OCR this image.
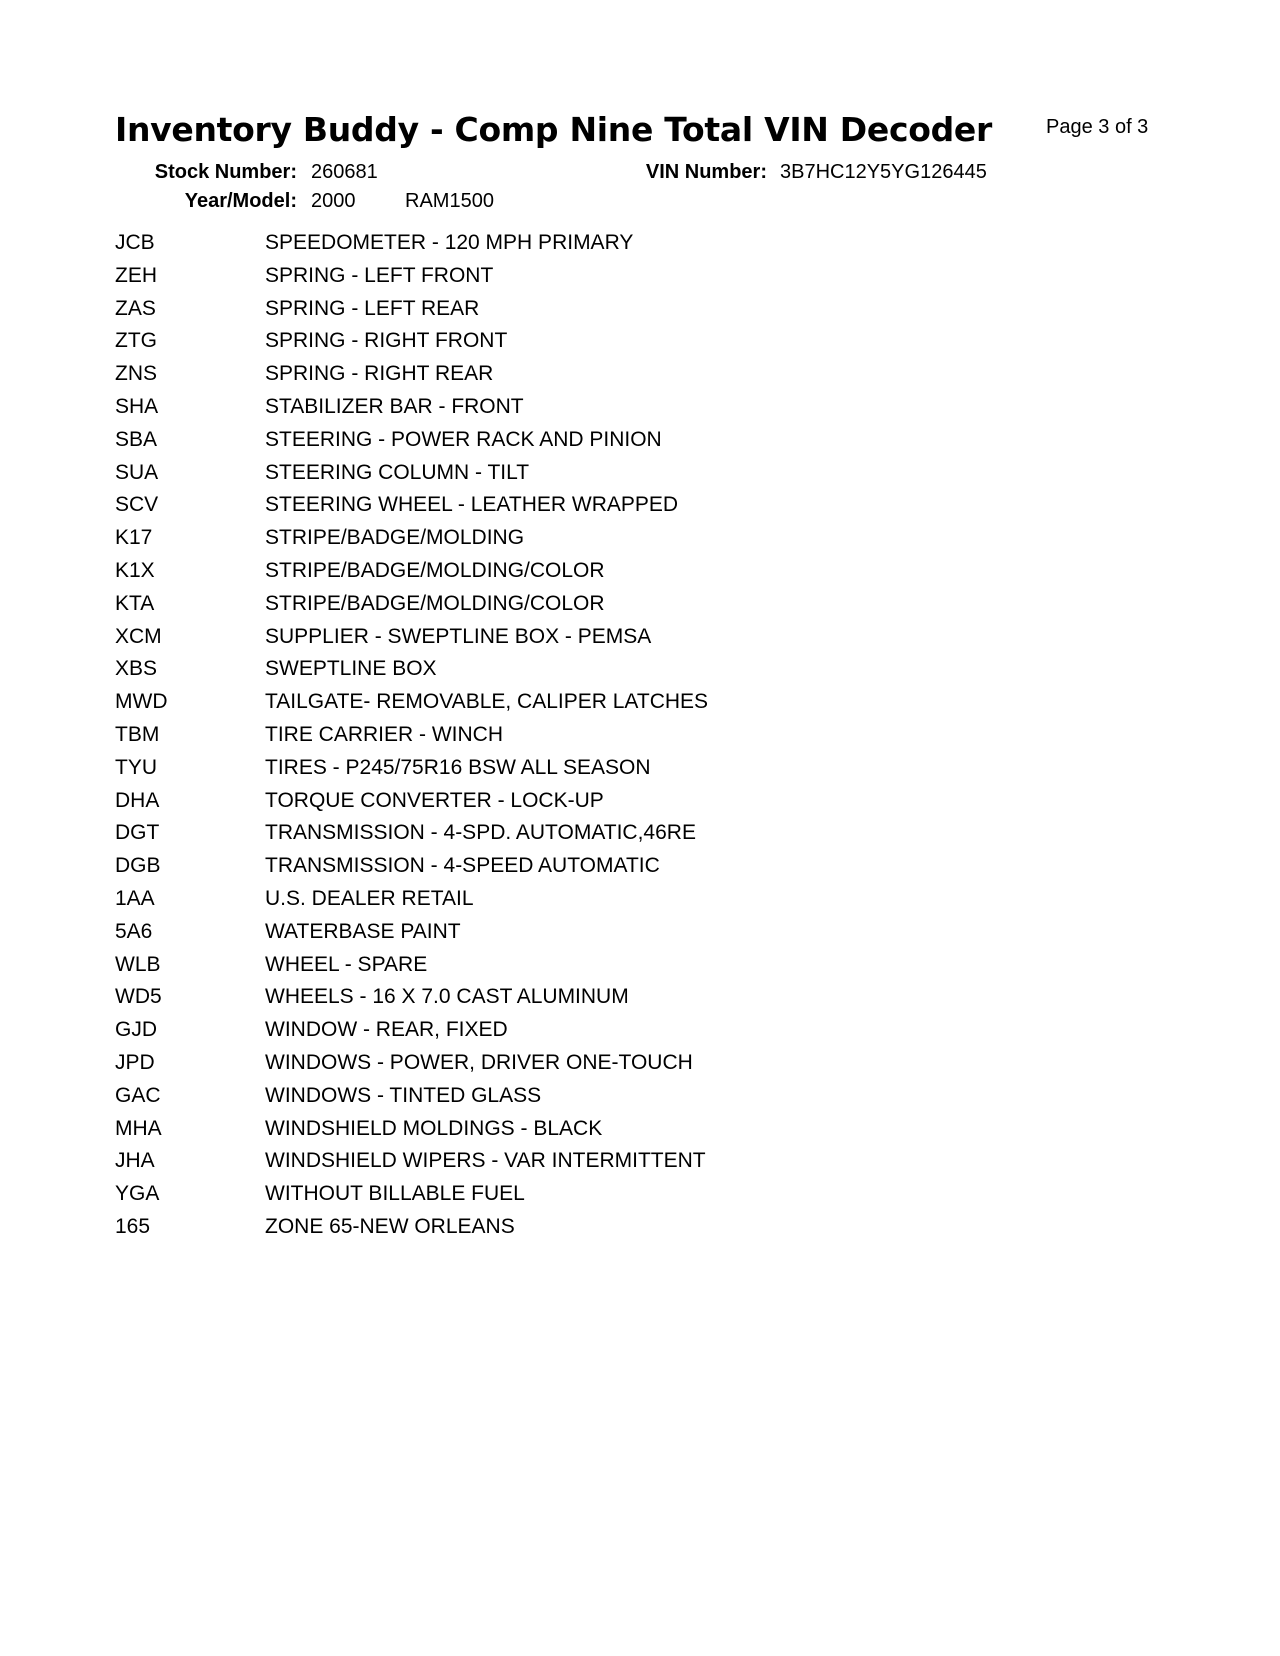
Inventory Buddy - Comp Nine Total VIN Decoder	Page 3 of 3
Stock Number: 260681	VIN Number: 3B7HC12Y5YG126445
Year/Model: 2000 RAM1500
JCB	SPEEDOMETER - 120 MPH PRIMARY
ZEH	SPRING - LEFT FRONT
ZAS	SPRING - LEFT REAR
ZTG	SPRING - RIGHT FRONT
ZNS	SPRING - RIGHT REAR
SHA	STABILIZER BAR - FRONT
SBA	STEERING - POWER RACK AND PINION
SUA	STEERING COLUMN - TILT
SCV	STEERING WHEEL - LEATHER WRAPPED
K17	STRIPE/BADGE/MOLDING
K1X	STRIPE/BADGE/MOLDING/COLOR
KTA	STRIPE/BADGE/MOLDING/COLOR
XCM	SUPPLIER - SWEPTLINE BOX - PEMSA
XBS	SWEPTLINE BOX
MWD	TAILGATE- REMOVABLE, CALIPER LATCHES
TBM	TIRE CARRIER - WINCH
TYU	TIRES - P245/75R16 BSW ALL SEASON
DHA	TORQUE CONVERTER - LOCK-UP
DGT	TRANSMISSION - 4-SPD. AUTOMATIC,46RE
DGB	TRANSMISSION - 4-SPEED AUTOMATIC
1AA	U.S. DEALER RETAIL
5A6	WATERBASE PAINT
WLB	WHEEL - SPARE
WD5	WHEELS - 16 X 7.0 CAST ALUMINUM
GJD	WINDOW - REAR, FIXED
JPD	WINDOWS - POWER, DRIVER ONE-TOUCH
GAC	WINDOWS - TINTED GLASS
MHA	WINDSHIELD MOLDINGS - BLACK
JHA	WINDSHIELD WIPERS - VAR INTERMITTENT
YGA	WITHOUT BILLABLE FUEL
165	ZONE 65-NEW ORLEANS
